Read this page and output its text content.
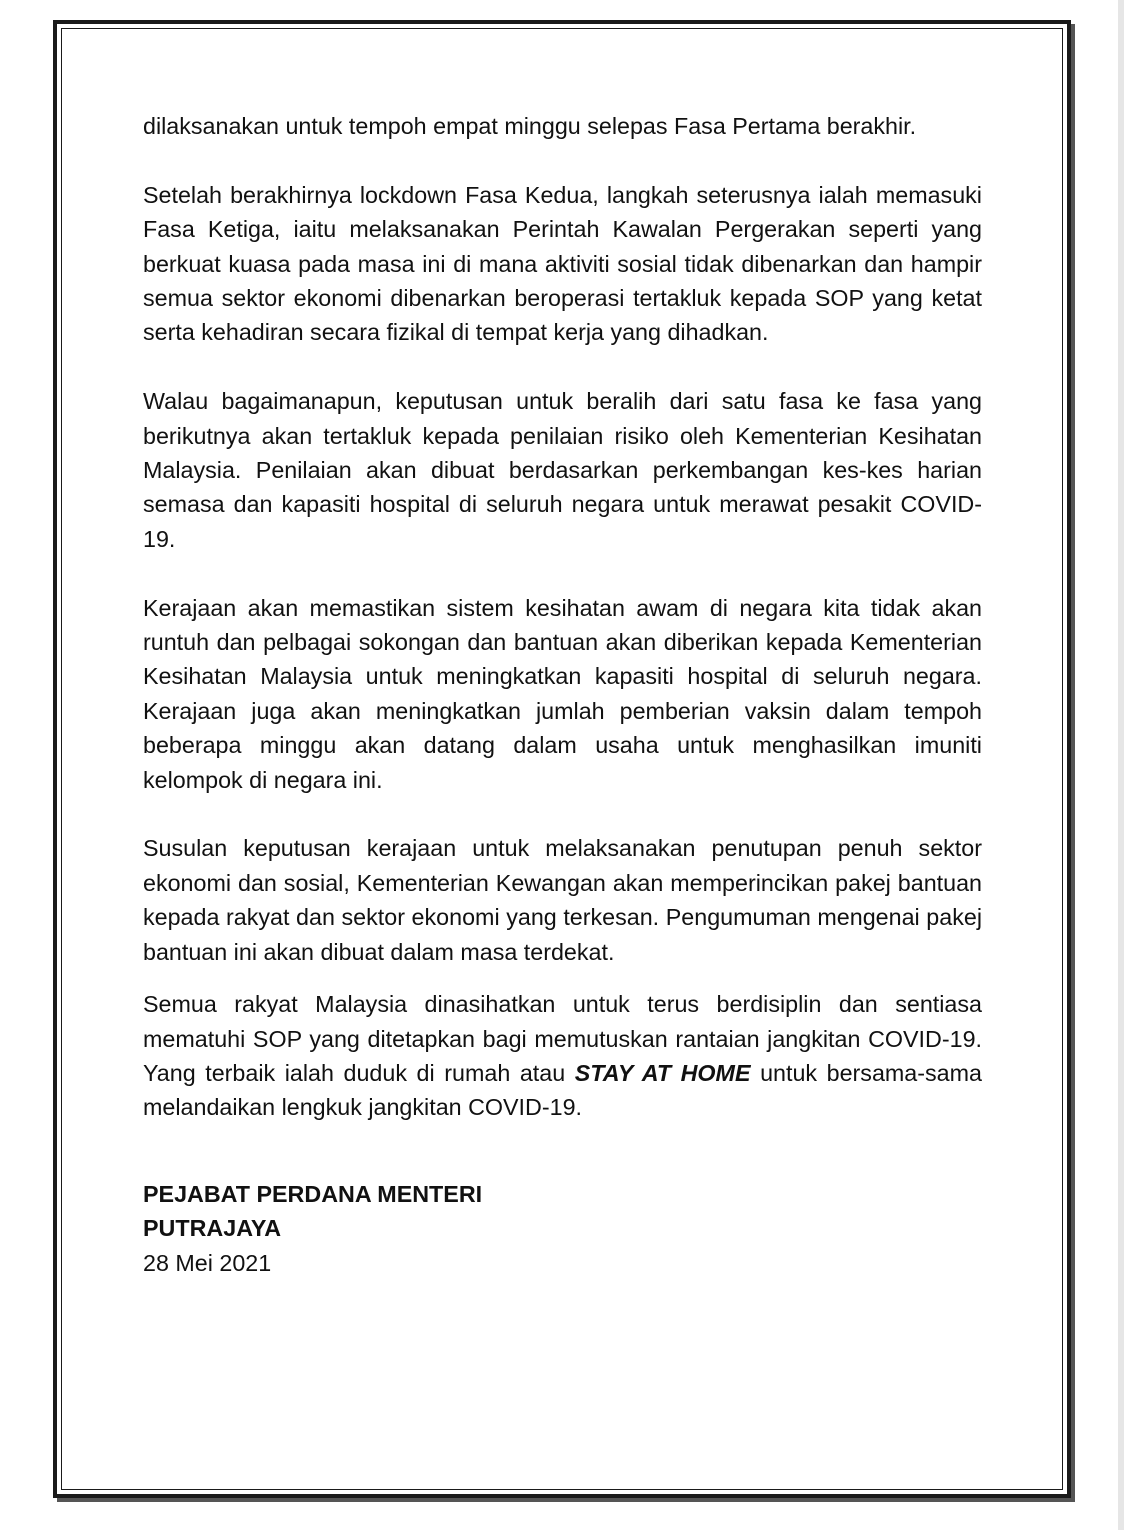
dilaksanakan untuk tempoh empat minggu selepas Fasa Pertama berakhir.

Setelah berakhirnya lockdown Fasa Kedua, langkah seterusnya ialah memasuki Fasa Ketiga, iaitu melaksanakan Perintah Kawalan Pergerakan seperti yang berkuat kuasa pada masa ini di mana aktiviti sosial tidak dibenarkan dan hampir semua sektor ekonomi dibenarkan beroperasi tertakluk kepada SOP yang ketat serta kehadiran secara fizikal di tempat kerja yang dihadkan.

Walau bagaimanapun, keputusan untuk beralih dari satu fasa ke fasa yang berikutnya akan tertakluk kepada penilaian risiko oleh Kementerian Kesihatan Malaysia. Penilaian akan dibuat berdasarkan perkembangan kes-kes harian semasa dan kapasiti hospital di seluruh negara untuk merawat pesakit COVID-19.

Kerajaan akan memastikan sistem kesihatan awam di negara kita tidak akan runtuh dan pelbagai sokongan dan bantuan akan diberikan kepada Kementerian Kesihatan Malaysia untuk meningkatkan kapasiti hospital di seluruh negara. Kerajaan juga akan meningkatkan jumlah pemberian vaksin dalam tempoh beberapa minggu akan datang dalam usaha untuk menghasilkan imuniti kelompok di negara ini.

Susulan keputusan kerajaan untuk melaksanakan penutupan penuh sektor ekonomi dan sosial, Kementerian Kewangan akan memperincikan pakej bantuan kepada rakyat dan sektor ekonomi yang terkesan. Pengumuman mengenai pakej bantuan ini akan dibuat dalam masa terdekat.

Semua rakyat Malaysia dinasihatkan untuk terus berdisiplin dan sentiasa mematuhi SOP yang ditetapkan bagi memutuskan rantaian jangkitan COVID-19. Yang terbaik ialah duduk di rumah atau STAY AT HOME untuk bersama-sama melandaikan lengkuk jangkitan COVID-19.

PEJABAT PERDANA MENTERI

PUTRAJAYA

28 Mei 2021
